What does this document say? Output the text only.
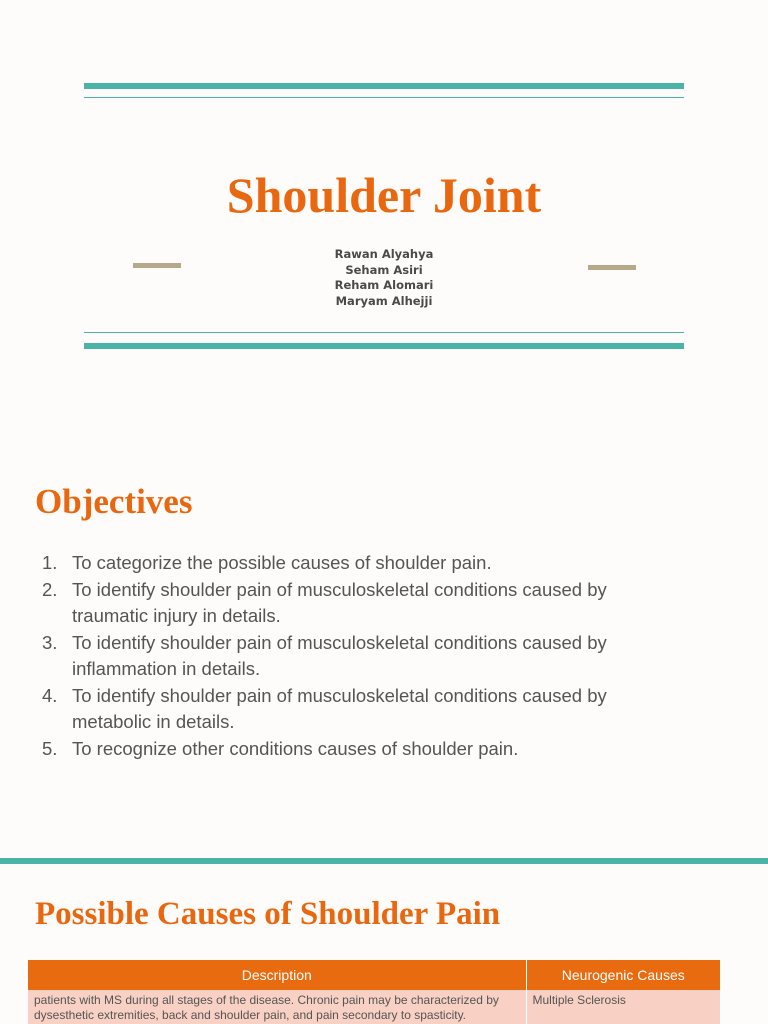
Shoulder Joint
Rawan Alyahya
Seham Asiri
Reham Alomari
Maryam Alhejji
Objectives
1. To categorize the possible causes of shoulder pain.
2. To identify shoulder pain of musculoskeletal conditions caused by traumatic injury in details.
3. To identify shoulder pain of musculoskeletal conditions caused by inflammation in details.
4. To identify shoulder pain of musculoskeletal conditions caused by metabolic in details.
5. To recognize other conditions causes of shoulder pain.
Possible Causes of Shoulder Pain
Description	Neurogenic Causes
patients with MS during all stages of the disease. Chronic pain may be characterized by dysesthetic extremities, back and shoulder pain, and pain secondary to spasticity.	Multiple Sclerosis
